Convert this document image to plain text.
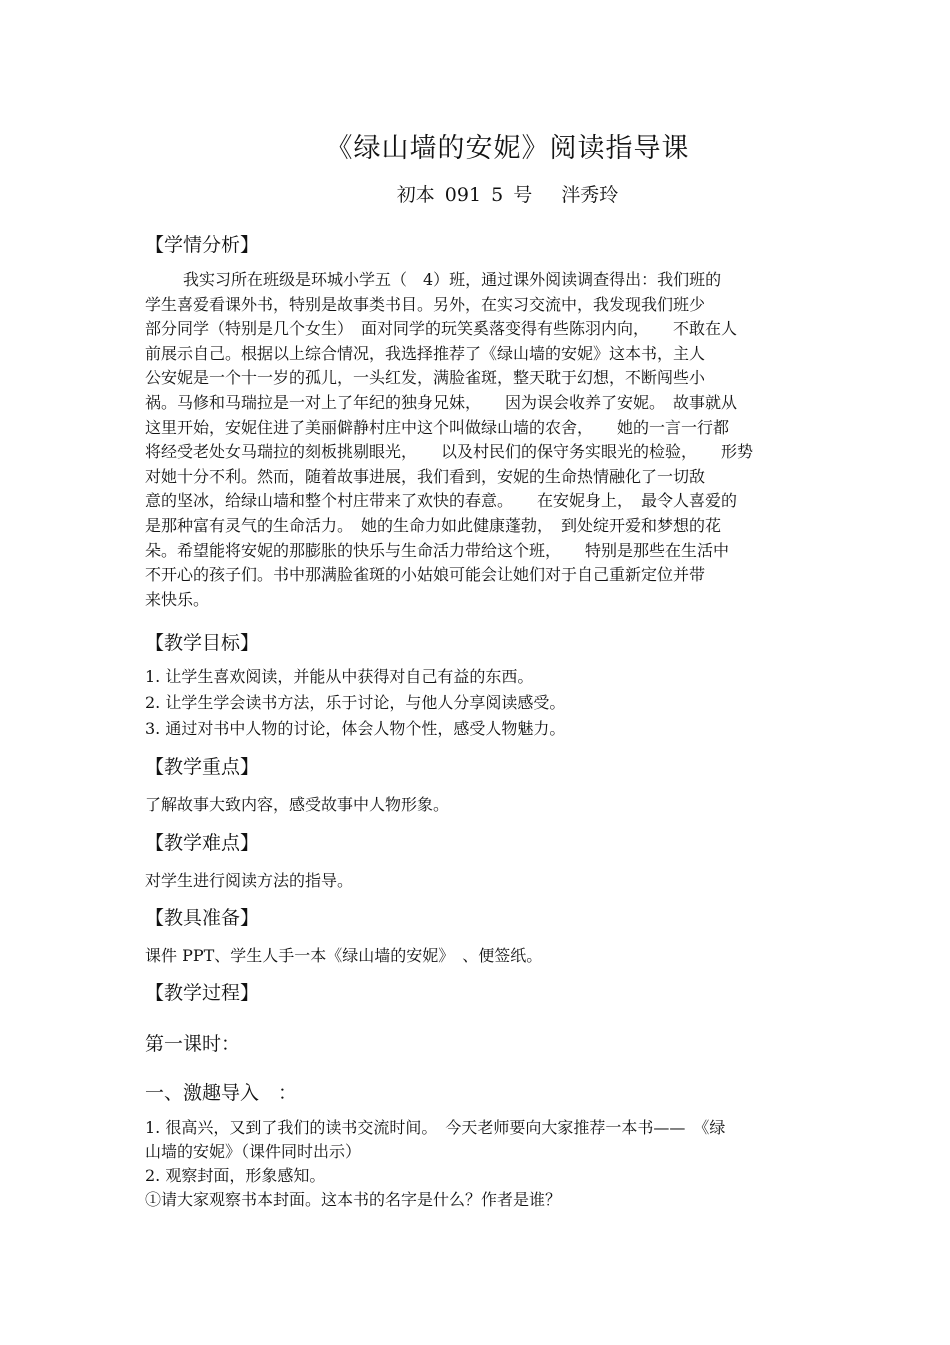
《绿山墙的安妮》阅读指导课
初本 091 5 号　 泮秀玲
【学情分析】
我实习所在班级是环城小学五（　4）班，通过课外阅读调查得出：我们班的
学生喜爱看课外书，特别是故事类书目。另外，在实习交流中，我发现我们班少
部分同学（特别是几个女生）　面对同学的玩笑奚落变得有些陈羽内向，　　不敢在人
前展示自己。根据以上综合情况，我选择推荐了《绿山墙的安妮》这本书，主人
公安妮是一个十一岁的孤儿，一头红发，满脸雀斑，整天耽于幻想，不断闯些小
祸。马修和马瑞拉是一对上了年纪的独身兄妹，　　因为误会收养了安妮。　故事就从
这里开始，安妮住进了美丽僻静村庄中这个叫做绿山墙的农舍，　　她的一言一行都
将经受老处女马瑞拉的刻板挑剔眼光，　　以及村民们的保守务实眼光的检验，　　形势
对她十分不利。然而，随着故事进展，我们看到，安妮的生命热情融化了一切敌
意的坚冰，给绿山墙和整个村庄带来了欢快的春意。　　在安妮身上，　最令人喜爱的
是那种富有灵气的生命活力。　她的生命力如此健康蓬勃，　到处绽开爱和梦想的花
朵。希望能将安妮的那膨胀的快乐与生命活力带给这个班，　　特别是那些在生活中
不开心的孩子们。书中那满脸雀斑的小姑娘可能会让她们对于自己重新定位并带
来快乐。
【教学目标】
1. 让学生喜欢阅读，并能从中获得对自己有益的东西。
2. 让学生学会读书方法，乐于讨论，与他人分享阅读感受。
3. 通过对书中人物的讨论，体会人物个性，感受人物魅力。
【教学重点】
了解故事大致内容，感受故事中人物形象。
【教学难点】
对学生进行阅读方法的指导。
【教具准备】
课件 PPT、学生人手一本《绿山墙的安妮》　、便签纸。
【教学过程】
第一课时：
一、激趣导入　：
1. 很高兴，又到了我们的读书交流时间。　今天老师要向大家推荐一本书——　《绿
山墙的安妮》（课件同时出示）
2. 观察封面，形象感知。
①请大家观察书本封面。这本书的名字是什么？作者是谁？
